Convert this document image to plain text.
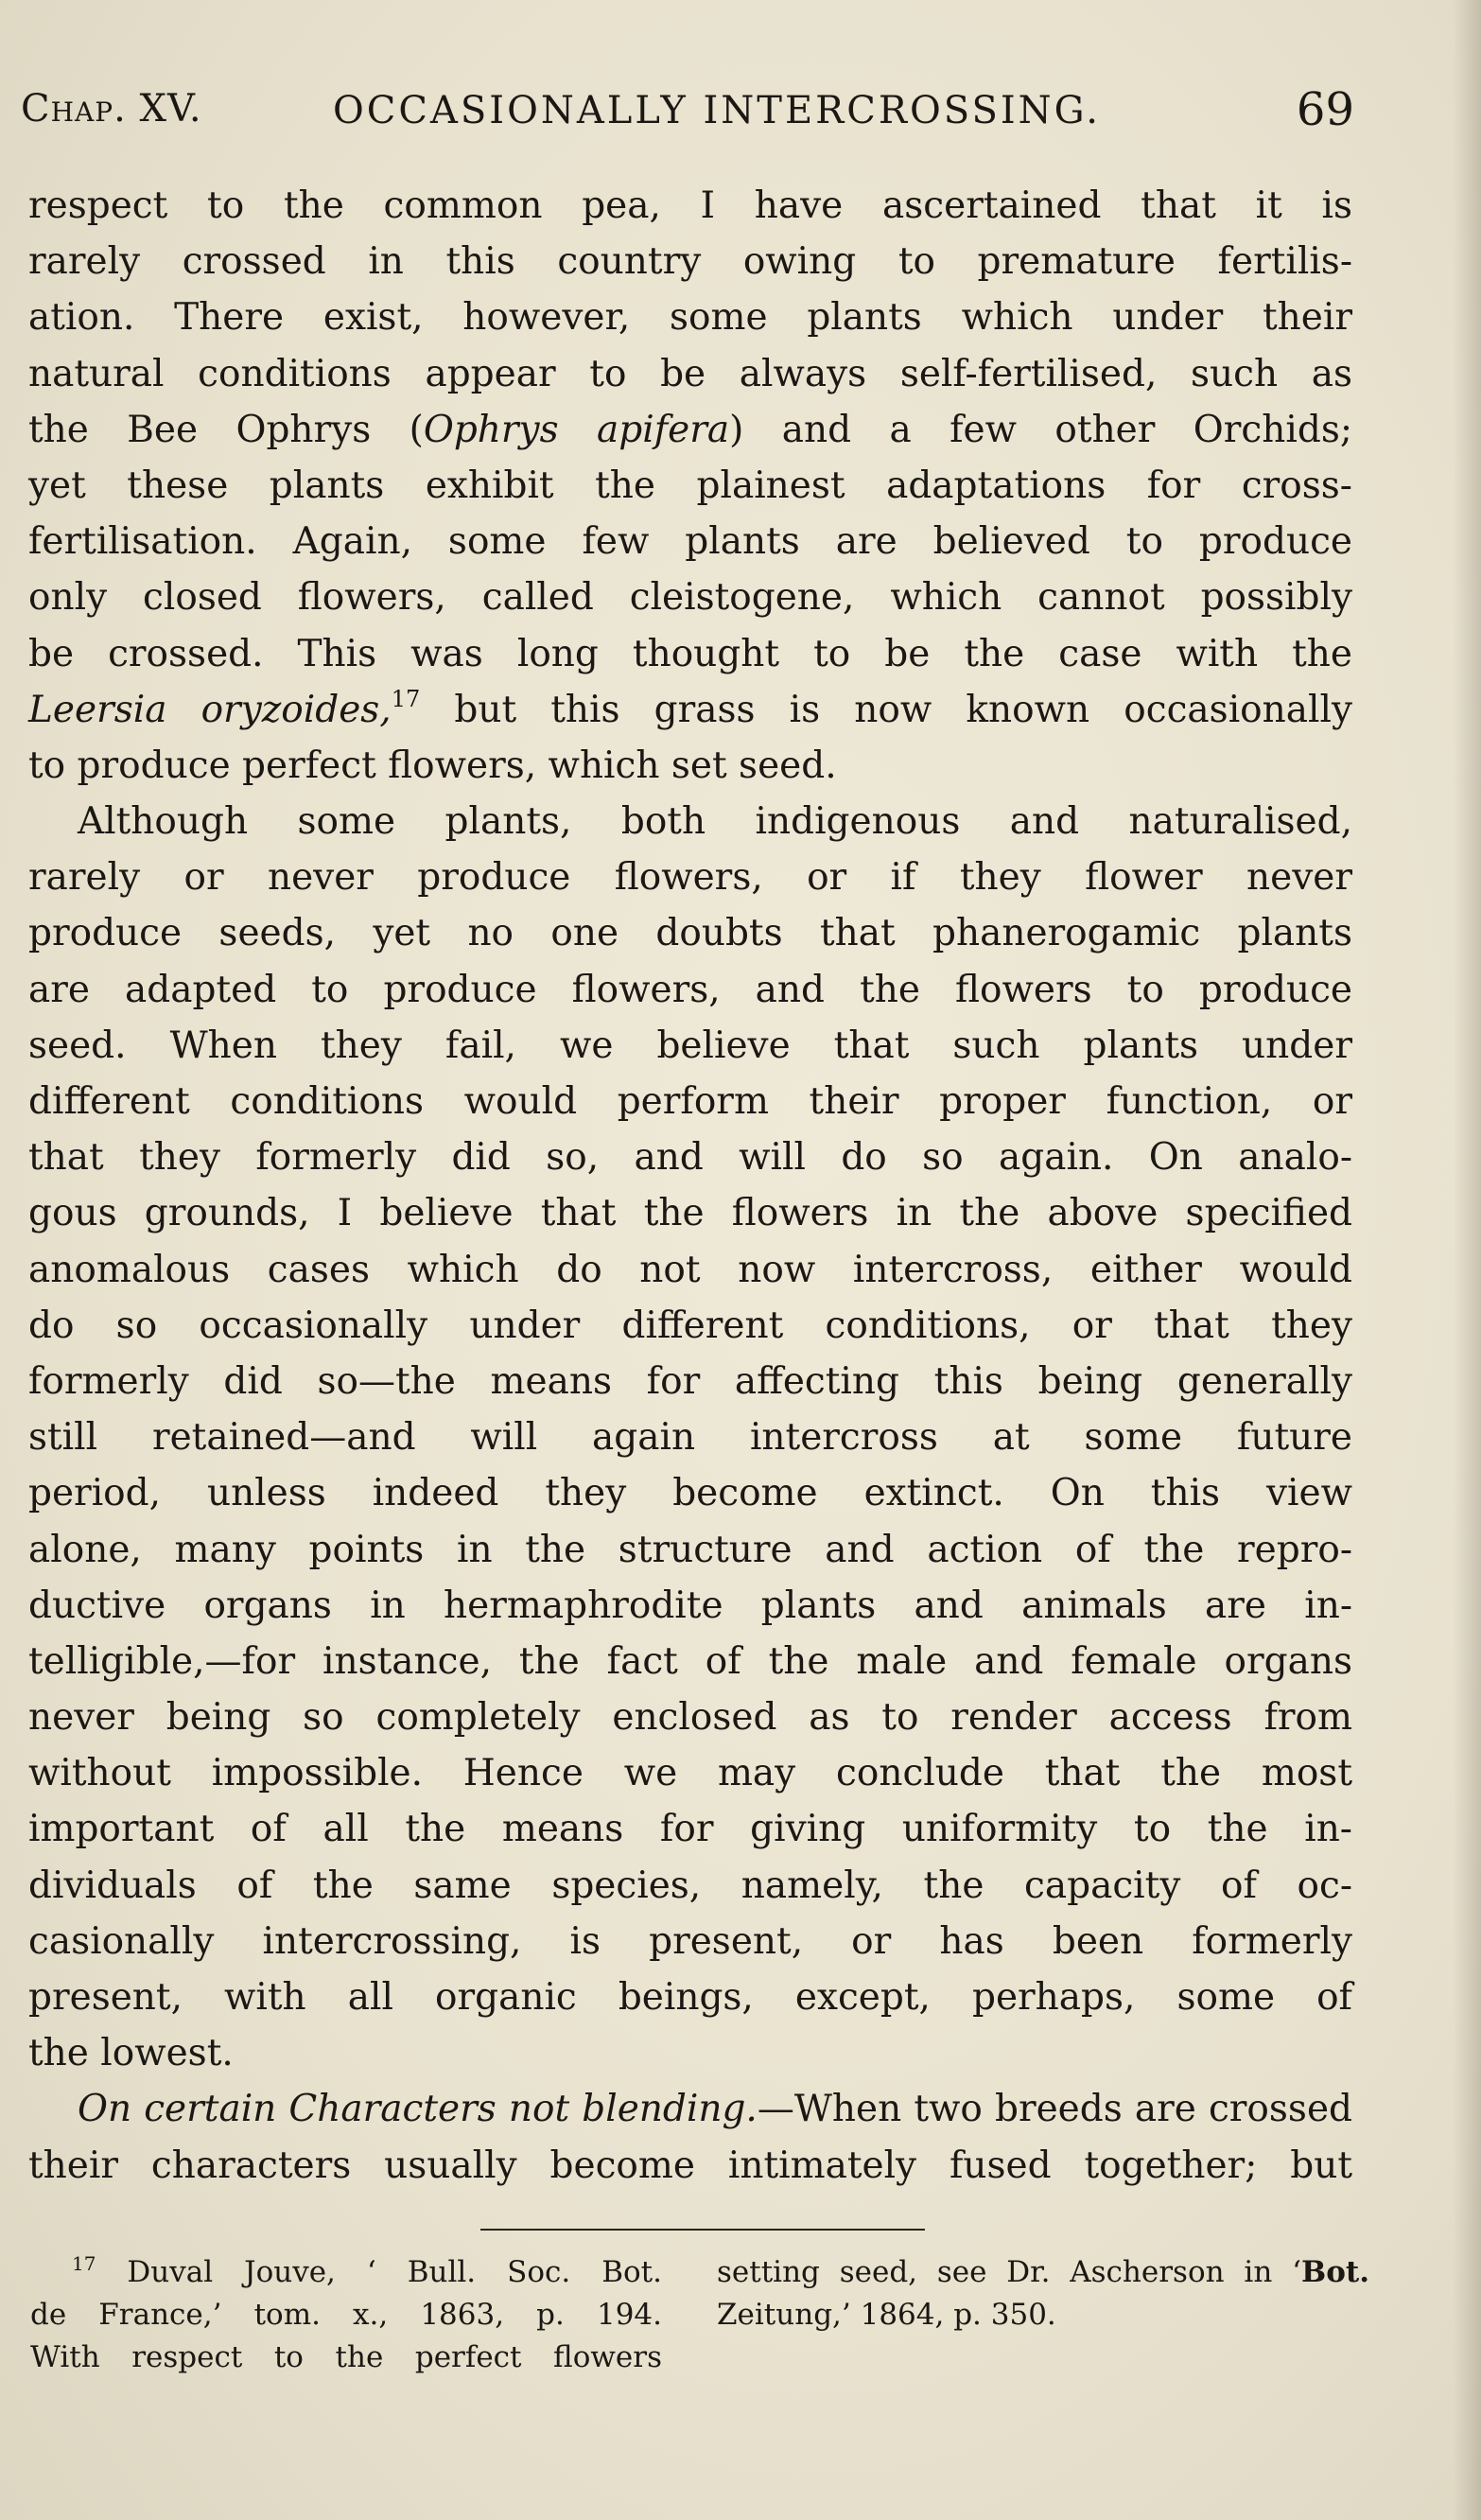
Chap. XV.	OCCASIONALLY INTERCROSSING.	69
respect to the common pea, I have ascertained that it is
rarely crossed in this country owing to premature fertilis-
ation. There exist, however, some plants which under their
natural conditions appear to be always self-fertilised, such as
the Bee Ophrys (Ophrys apifera) and a few other Orchids;
yet these plants exhibit the plainest adaptations for cross-
fertilisation. Again, some few plants are believed to produce
only closed flowers, called cleistogene, which cannot possibly
be crossed. This was long thought to be the case with the
Leersia oryzoides,$^{17}$ but this grass is now known occasionally
to produce perfect flowers, which set seed.
Although some plants, both indigenous and naturalised,
rarely or never produce flowers, or if they flower never
produce seeds, yet no one doubts that phanerogamic plants
are adapted to produce flowers, and the flowers to produce
seed. When they fail, we believe that such plants under
different conditions would perform their proper function, or
that they formerly did so, and will do so again. On analo-
gous grounds, I believe that the flowers in the above specified
anomalous cases which do not now intercross, either would
do so occasionally under different conditions, or that they
formerly did so—the means for affecting this being generally
still retained—and will again intercross at some future
period, unless indeed they become extinct. On this view
alone, many points in the structure and action of the repro-
ductive organs in hermaphrodite plants and animals are in-
telligible,—for instance, the fact of the male and female organs
never being so completely enclosed as to render access from
without impossible. Hence we may conclude that the most
important of all the means for giving uniformity to the in-
dividuals of the same species, namely, the capacity of oc-
casionally intercrossing, is present, or has been formerly
present, with all organic beings, except, perhaps, some of
the lowest.
On certain Characters not blending.—When two breeds are crossed
their characters usually become intimately fused together; but
$^{17}$ Duval Jouve, ‘ Bull. Soc. Bot.
de France,’ tom. x., 1863, p. 194.
With respect to the perfect flowers
setting seed, see Dr. Ascherson in ‘Bot.
Zeitung,’ 1864, p. 350.
